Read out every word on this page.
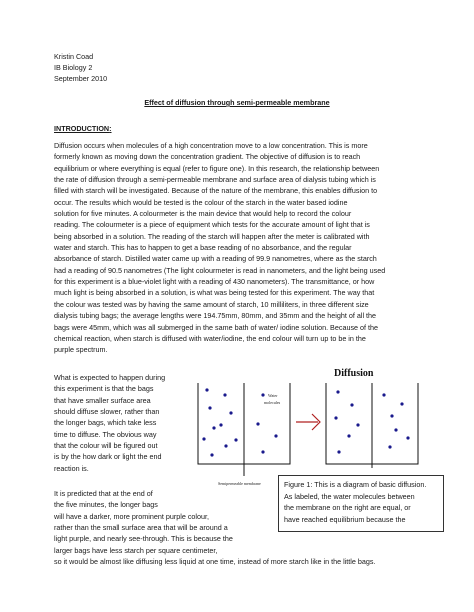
Kristin Coad
IB Biology 2
September 2010
Effect of diffusion through semi-permeable membrane
INTRODUCTION:
Diffusion occurs when molecules of a high concentration move to a low concentration. This is more
formerly known as moving down the concentration gradient. The objective of diffusion is to reach
equilibrium or where everything is equal (refer to figure one). In this research, the relationship between
the rate of diffusion through a semi-permeable membrane and surface area of dialysis tubing which is
filled with starch will be investigated. Because of the nature of the membrane, this enables diffusion to
occur. The results which would be tested is the colour of the starch in the water based iodine
solution for five minutes. A colourmeter is the main device that would help to record the colour
reading. The colourmeter is a piece of equipment which tests for the accurate amount of light that is
being absorbed in a solution. The reading of the starch will happen after the meter is calibrated with
water and starch. This has to happen to get a base reading of no absorbance, and the regular
absorbance of starch. Distilled water came up with a reading of 99.9 nanometres, where as the starch
had a reading of 90.5 nanometres (The light colourmeter is read in nanometers, and the light being used
for this experiment is a blue-violet light with a reading of 430 nanometers). The transmittance, or how
much light is being absorbed in a solution, is what was being tested for this experiment. The way that
the colour was tested was by having the same amount of starch, 10 milliliters, in three different size
dialysis tubing bags; the average lengths were 194.75mm, 80mm, and 35mm and the height of all the
bags were 45mm, which was all submerged in the same bath of water/ iodine solution. Because of the
chemical reaction, when starch is diffused with water/iodine, the end colour will turn up to be in the
purple spectrum.
What is expected to happen during
this experiment is that the bags
that have smaller surface area
should diffuse slower, rather than
the longer bags, which take less
time to diffuse. The obvious way
that the colour will be figured out
is by the how dark or light the end
reaction is.
It is predicted that at the end of
the five minutes, the longer bags
will have a darker, more prominent purple colour,
rather than the small surface area that will be around a
light purple, and nearly see-through. This is because the
larger bags have less starch per square centimeter,
so it would be almost like diffusing less liquid at one time, instead of more starch like in the little bags.
Diffusion
Water
molecules
Semipermeable membrane	Figure 1: This is a diagram of basic diffusion.
As labeled, the water molecules between
the membrane on the right are equal, or
have reached equilibrium because the
